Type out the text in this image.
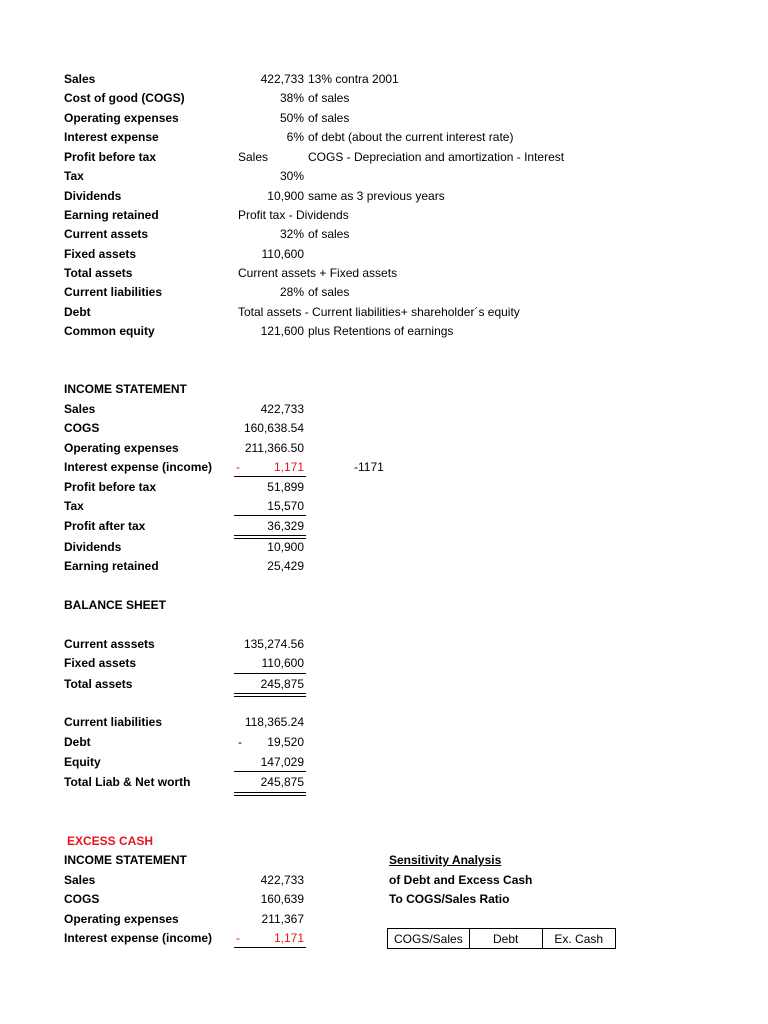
Sales	422,733 13% contra 2001
Cost of good (COGS)	38% of sales
Operating expenses	50% of sales
Interest expense	6% of debt (about the current interest rate)
Profit before tax	Sales	COGS - Depreciation and amortization - Interest
Tax	30%
Dividends	10,900 same as 3 previous years
Earning retained	Profit tax - Dividends
Current assets	32% of sales
Fixed assets	110,600
Total assets	Current assets + Fixed assets
Current liabilities	28% of sales
Debt	Total assets - Current liabilities+ shareholder´s equity
Common equity	121,600 plus Retentions of earnings
INCOME STATEMENT
Sales	422,733
COGS	160,638.54
Operating expenses	211,366.50
Interest expense (income) -	1,171	-1171
Profit before tax	51,899
Tax	15,570
Profit after tax	36,329
Dividends	10,900
Earning retained	25,429
BALANCE SHEET
Current asssets	135,274.56
Fixed assets	110,600
Total assets	245,875
Current liabilities	118,365.24
Debt	-	19,520
Equity	147,029
Total Liab & Net worth	245,875
EXCESS CASH
INCOME STATEMENT
Sales	422,733
COGS	160,639
Operating expenses	211,367
Interest expense (income) -	1,171
Sensitivity Analysis
of Debt and Excess Cash
To COGS/Sales Ratio
COGS/Sales	Debt	Ex. Cash
